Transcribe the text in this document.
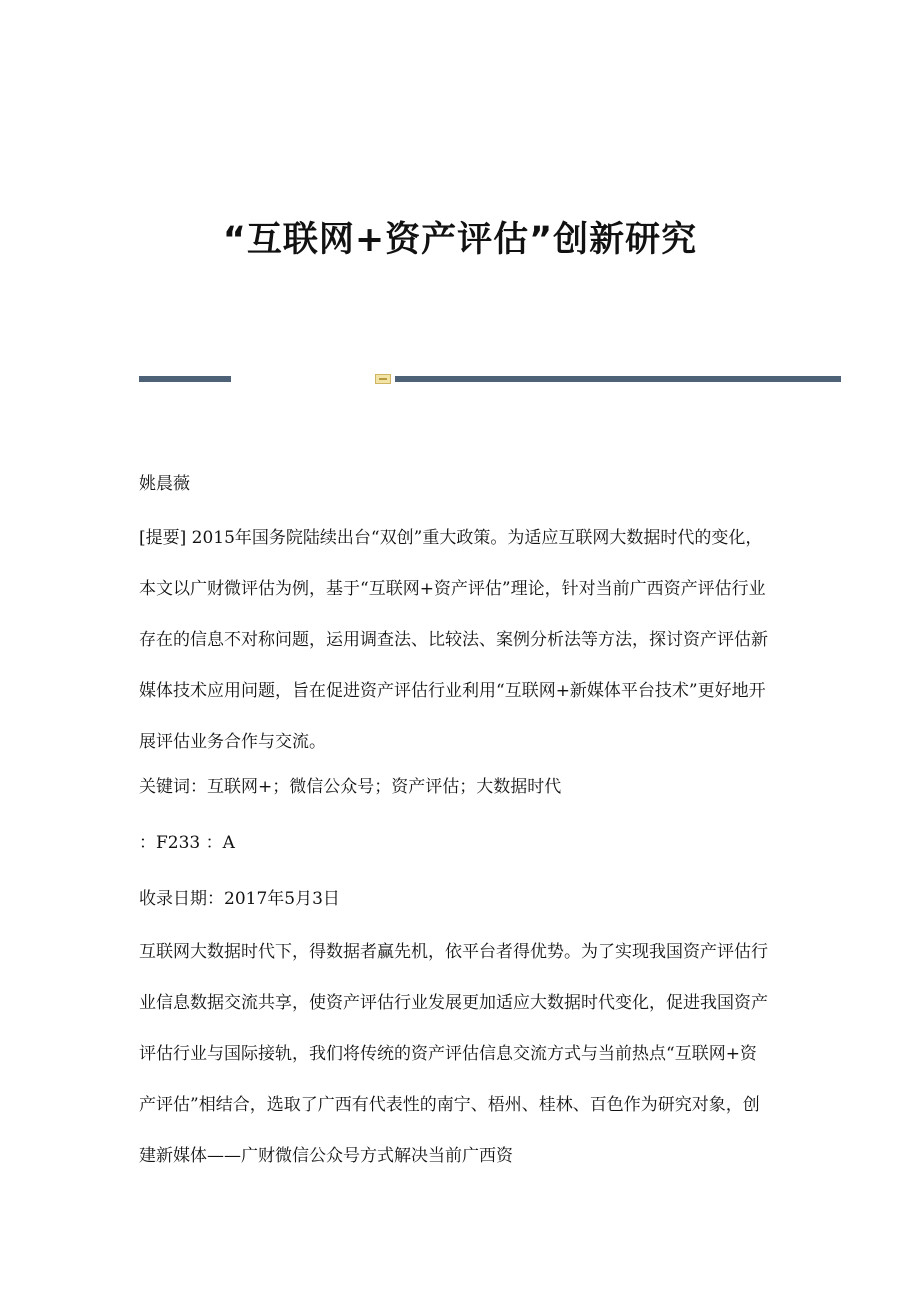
“互联网+资产评估”创新研究
姚晨薇
[提要] 2015年国务院陆续出台“双创”重大政策。为适应互联网大数据时代的变化，本文以广财微评估为例，基于“互联网+资产评估”理论，针对当前广西资产评估行业存在的信息不对称问题，运用调查法、比较法、案例分析法等方法，探讨资产评估新媒体技术应用问题，旨在促进资产评估行业利用“互联网+新媒体平台技术”更好地开展评估业务合作与交流。
关键词：互联网+；微信公众号；资产评估；大数据时代
：F233 ：A
收录日期：2017年5月3日
互联网大数据时代下，得数据者赢先机，依平台者得优势。为了实现我国资产评估行业信息数据交流共享，使资产评估行业发展更加适应大数据时代变化，促进我国资产评估行业与国际接轨，我们将传统的资产评估信息交流方式与当前热点“互联网+资产评估”相结合，选取了广西有代表性的南宁、梧州、桂林、百色作为研究对象，创建新媒体——广财微信公众号方式解决当前广西资
